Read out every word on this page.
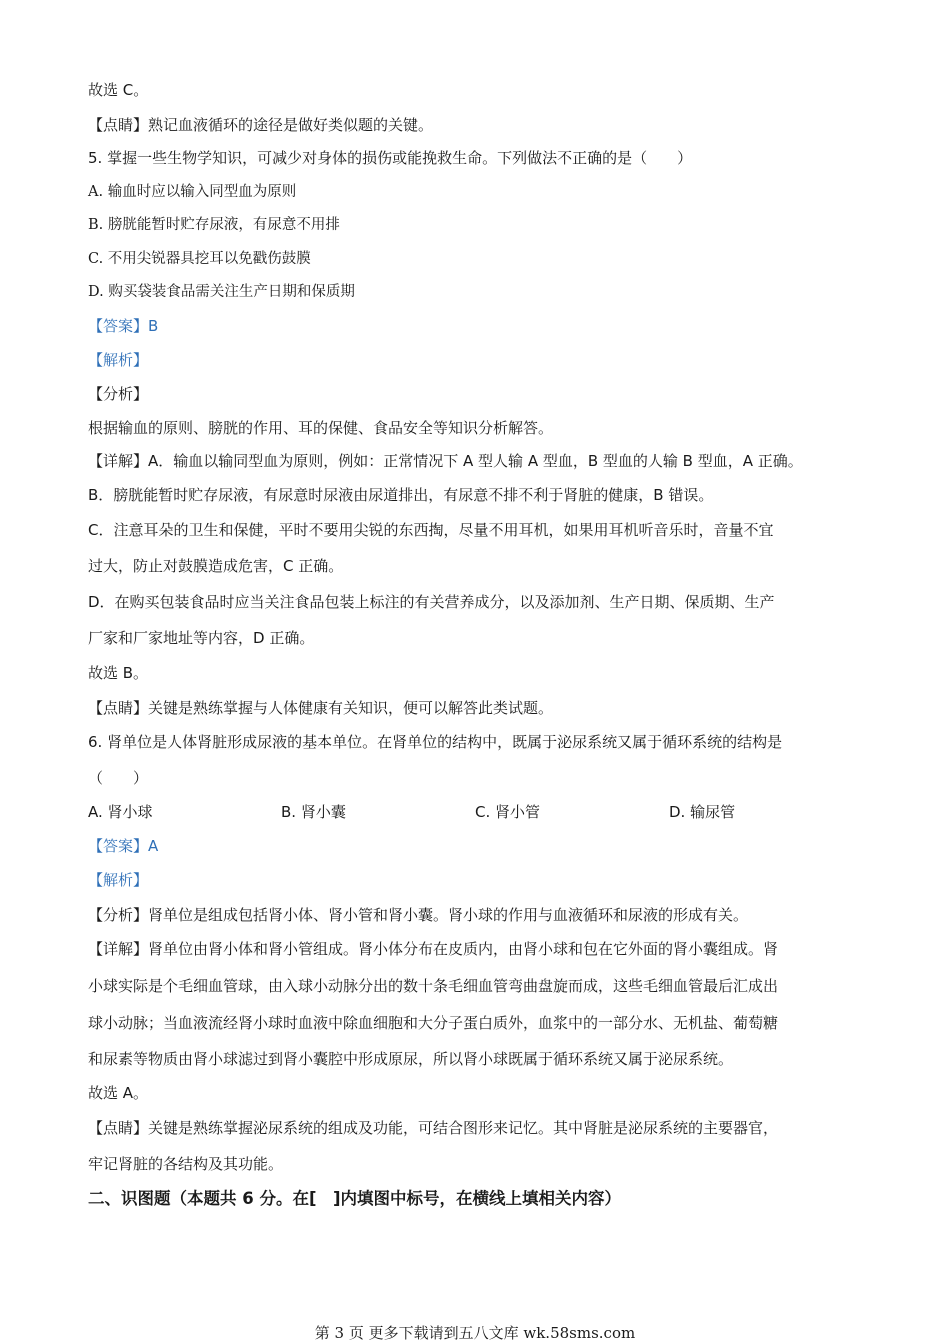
故选 C。
【点睛】熟记血液循环的途径是做好类似题的关键。
5. 掌握一些生物学知识，可减少对身体的损伤或能挽救生命。下列做法不正确的是（　　）
A. 输血时应以输入同型血为原则
B. 膀胱能暂时贮存尿液，有尿意不用排
C. 不用尖锐器具挖耳以免戳伤鼓膜
D. 购买袋装食品需关注生产日期和保质期
【答案】B
【解析】
【分析】
根据输血的原则、膀胱的作用、耳的保健、食品安全等知识分析解答。
【详解】A．输血以输同型血为原则，例如：正常情况下 A 型人输 A 型血，B 型血的人输 B 型血，A 正确。
B．膀胱能暂时贮存尿液，有尿意时尿液由尿道排出，有尿意不排不利于肾脏的健康，B 错误。
C．注意耳朵的卫生和保健，平时不要用尖锐的东西掏，尽量不用耳机，如果用耳机听音乐时，音量不宜
过大，防止对鼓膜造成危害，C 正确。
D．在购买包装食品时应当关注食品包装上标注的有关营养成分，以及添加剂、生产日期、保质期、生产
厂家和厂家地址等内容，D 正确。
故选 B。
【点睛】关键是熟练掌握与人体健康有关知识，便可以解答此类试题。
6. 肾单位是人体肾脏形成尿液的基本单位。在肾单位的结构中，既属于泌尿系统又属于循环系统的结构是
（　　）
A. 肾小球	B. 肾小囊	C. 肾小管	D. 输尿管
【答案】A
【解析】
【分析】肾单位是组成包括肾小体、肾小管和肾小囊。肾小球的作用与血液循环和尿液的形成有关。
【详解】肾单位由肾小体和肾小管组成。肾小体分布在皮质内，由肾小球和包在它外面的肾小囊组成。肾
小球实际是个毛细血管球，由入球小动脉分出的数十条毛细血管弯曲盘旋而成，这些毛细血管最后汇成出
球小动脉；当血液流经肾小球时血液中除血细胞和大分子蛋白质外，血浆中的一部分水、无机盐、葡萄糖
和尿素等物质由肾小球滤过到肾小囊腔中形成原尿，所以肾小球既属于循环系统又属于泌尿系统。
故选 A。
【点睛】关键是熟练掌握泌尿系统的组成及功能，可结合图形来记忆。其中肾脏是泌尿系统的主要器官，
牢记肾脏的各结构及其功能。
二、识图题（本题共 6 分。在[　]内填图中标号，在横线上填相关内容）
第 3 页 更多下载请到五八文库 wk.58sms.com
